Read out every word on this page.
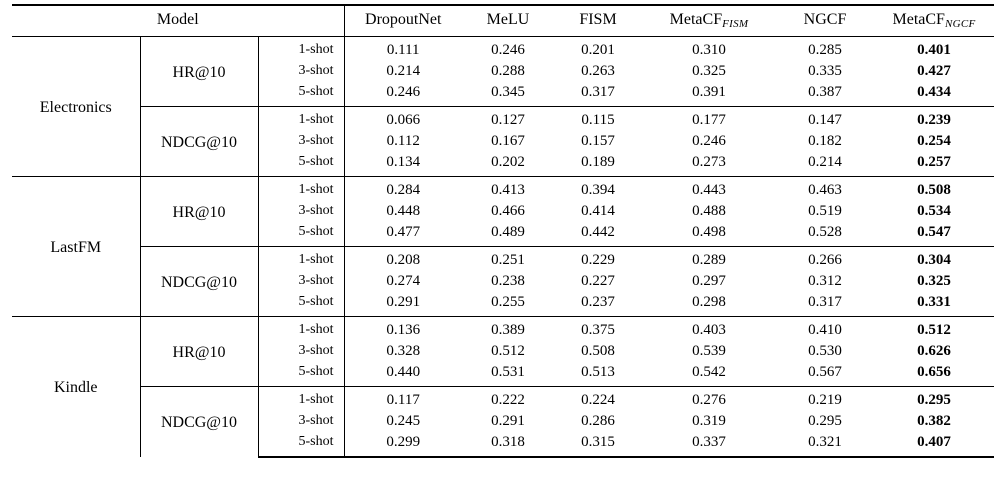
Model			DropoutNet	MeLU	FISM	MetaCF$_{FISM}$	NGCF	MetaCF$_{NGCF}$
Electronics	HR@10	1-shot	0.111	0.246	0.201	0.310	0.285	0.401
		3-shot	0.214	0.288	0.263	0.325	0.335	0.427
		5-shot	0.246	0.345	0.317	0.391	0.387	0.434
	NDCG@10	1-shot	0.066	0.127	0.115	0.177	0.147	0.239
		3-shot	0.112	0.167	0.157	0.246	0.182	0.254
		5-shot	0.134	0.202	0.189	0.273	0.214	0.257
LastFM	HR@10	1-shot	0.284	0.413	0.394	0.443	0.463	0.508
		3-shot	0.448	0.466	0.414	0.488	0.519	0.534
		5-shot	0.477	0.489	0.442	0.498	0.528	0.547
	NDCG@10	1-shot	0.208	0.251	0.229	0.289	0.266	0.304
		3-shot	0.274	0.238	0.227	0.297	0.312	0.325
		5-shot	0.291	0.255	0.237	0.298	0.317	0.331
Kindle	HR@10	1-shot	0.136	0.389	0.375	0.403	0.410	0.512
		3-shot	0.328	0.512	0.508	0.539	0.530	0.626
		5-shot	0.440	0.531	0.513	0.542	0.567	0.656
	NDCG@10	1-shot	0.117	0.222	0.224	0.276	0.219	0.295
		3-shot	0.245	0.291	0.286	0.319	0.295	0.382
		5-shot	0.299	0.318	0.315	0.337	0.321	0.407
